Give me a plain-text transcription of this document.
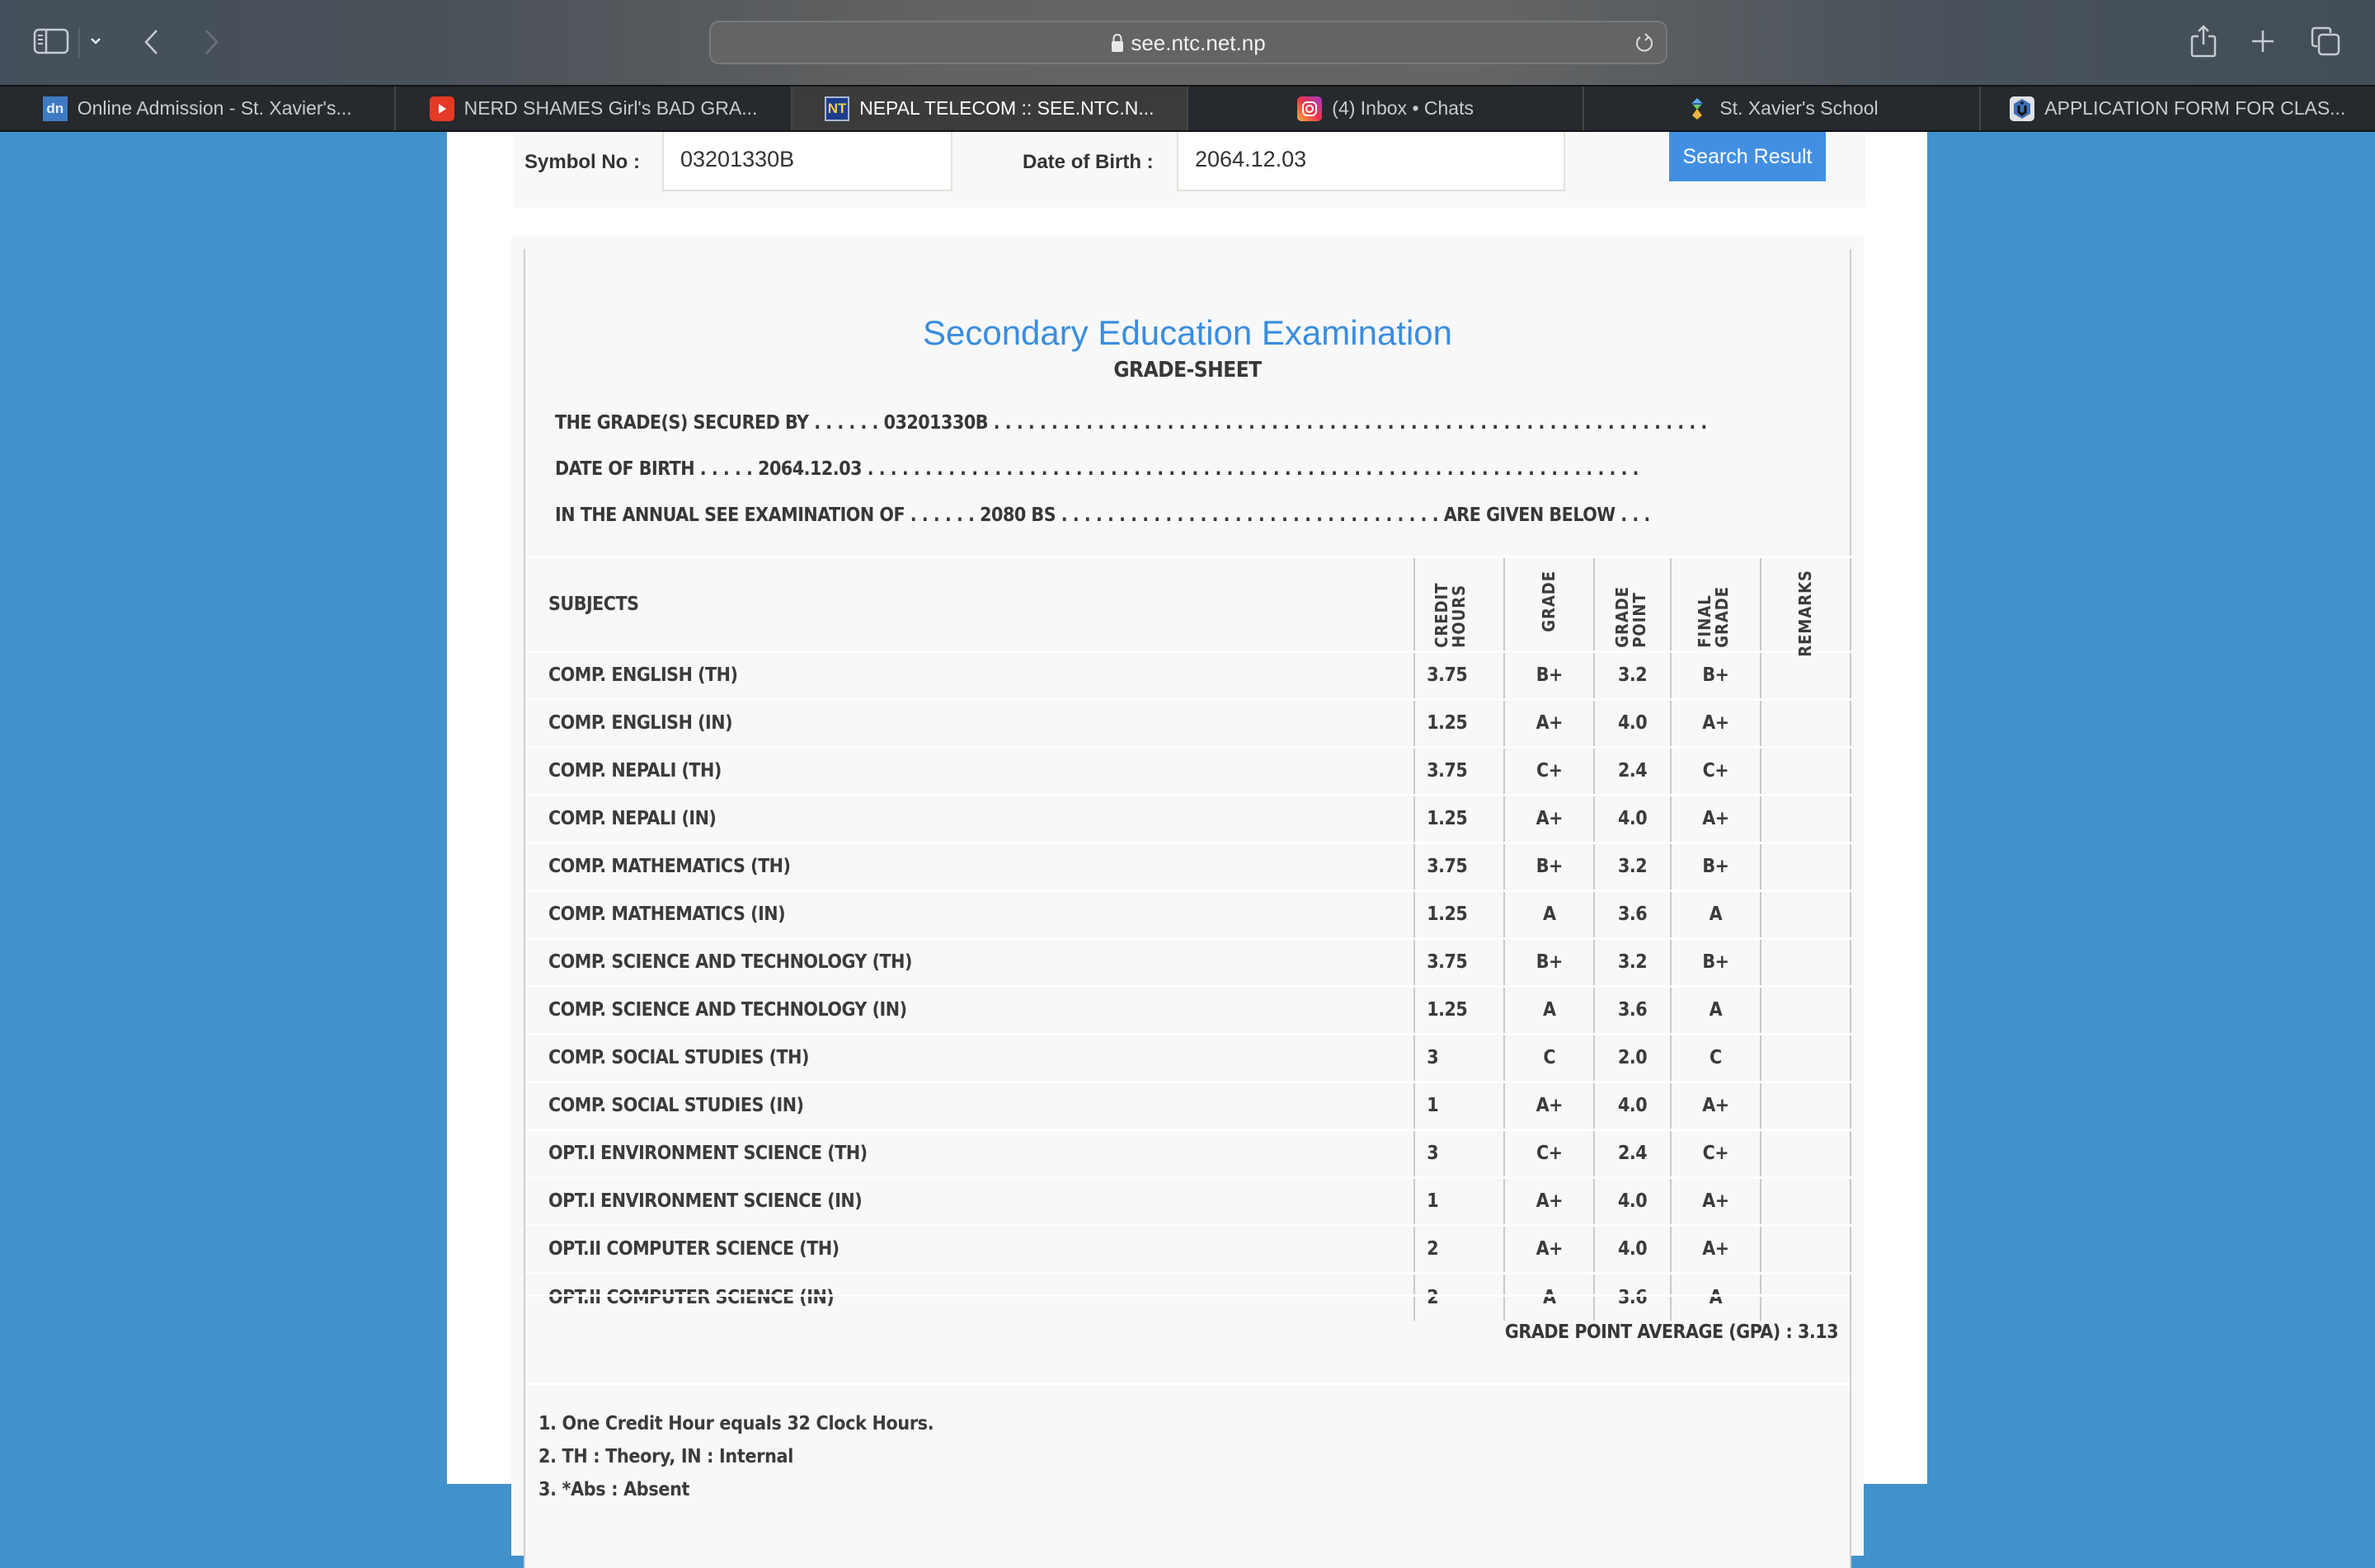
see.ntc.net.np
dn Online Admission - St. Xavier's...	NERD SHAMES Girl's BAD GRA...	NT NEPAL TELECOM :: SEE.NTC.N...	(4) Inbox • Chats	St. Xavier's School	APPLICATION FORM FOR CLAS...
Symbol No :	03201330B	Date of Birth :	2064.12.03	Search Result
Secondary Education Examination
GRADE-SHEET
THE GRADE(S) SECURED BY . . . . . . 03201330B . . . . . . . . . . . . . . . . . . . . . . . . . . . . . . . . . . . . . . . . . . . . . . . . . . . . . . . . . . . . . .
DATE OF BIRTH . . . . . 2064.12.03 . . . . . . . . . . . . . . . . . . . . . . . . . . . . . . . . . . . . . . . . . . . . . . . . . . . . . . . . . . . . . . . . . . .
IN THE ANNUAL SEE EXAMINATION OF . . . . . . 2080 BS . . . . . . . . . . . . . . . . . . . . . . . . . . . . . . . . . ARE GIVEN BELOW . . .
SUBJECTS	CREDIT HOURS	GRADE	GRADE POINT	FINAL GRADE	REMARKS
COMP. ENGLISH (TH)	3.75	B+	3.2	B+	
COMP. ENGLISH (IN)	1.25	A+	4.0	A+	
COMP. NEPALI (TH)	3.75	C+	2.4	C+	
COMP. NEPALI (IN)	1.25	A+	4.0	A+	
COMP. MATHEMATICS (TH)	3.75	B+	3.2	B+	
COMP. MATHEMATICS (IN)	1.25	A	3.6	A	
COMP. SCIENCE AND TECHNOLOGY (TH)	3.75	B+	3.2	B+	
COMP. SCIENCE AND TECHNOLOGY (IN)	1.25	A	3.6	A	
COMP. SOCIAL STUDIES (TH)	3	C	2.0	C	
COMP. SOCIAL STUDIES (IN)	1	A+	4.0	A+	
OPT.I ENVIRONMENT SCIENCE (TH)	3	C+	2.4	C+	
OPT.I ENVIRONMENT SCIENCE (IN)	1	A+	4.0	A+	
OPT.II COMPUTER SCIENCE (TH)	2	A+	4.0	A+	
OPT.II COMPUTER SCIENCE (IN)	2	A	3.6	A	
GRADE POINT AVERAGE (GPA) : 3.13
1. One Credit Hour equals 32 Clock Hours.
2. TH : Theory, IN : Internal
3. *Abs : Absent
